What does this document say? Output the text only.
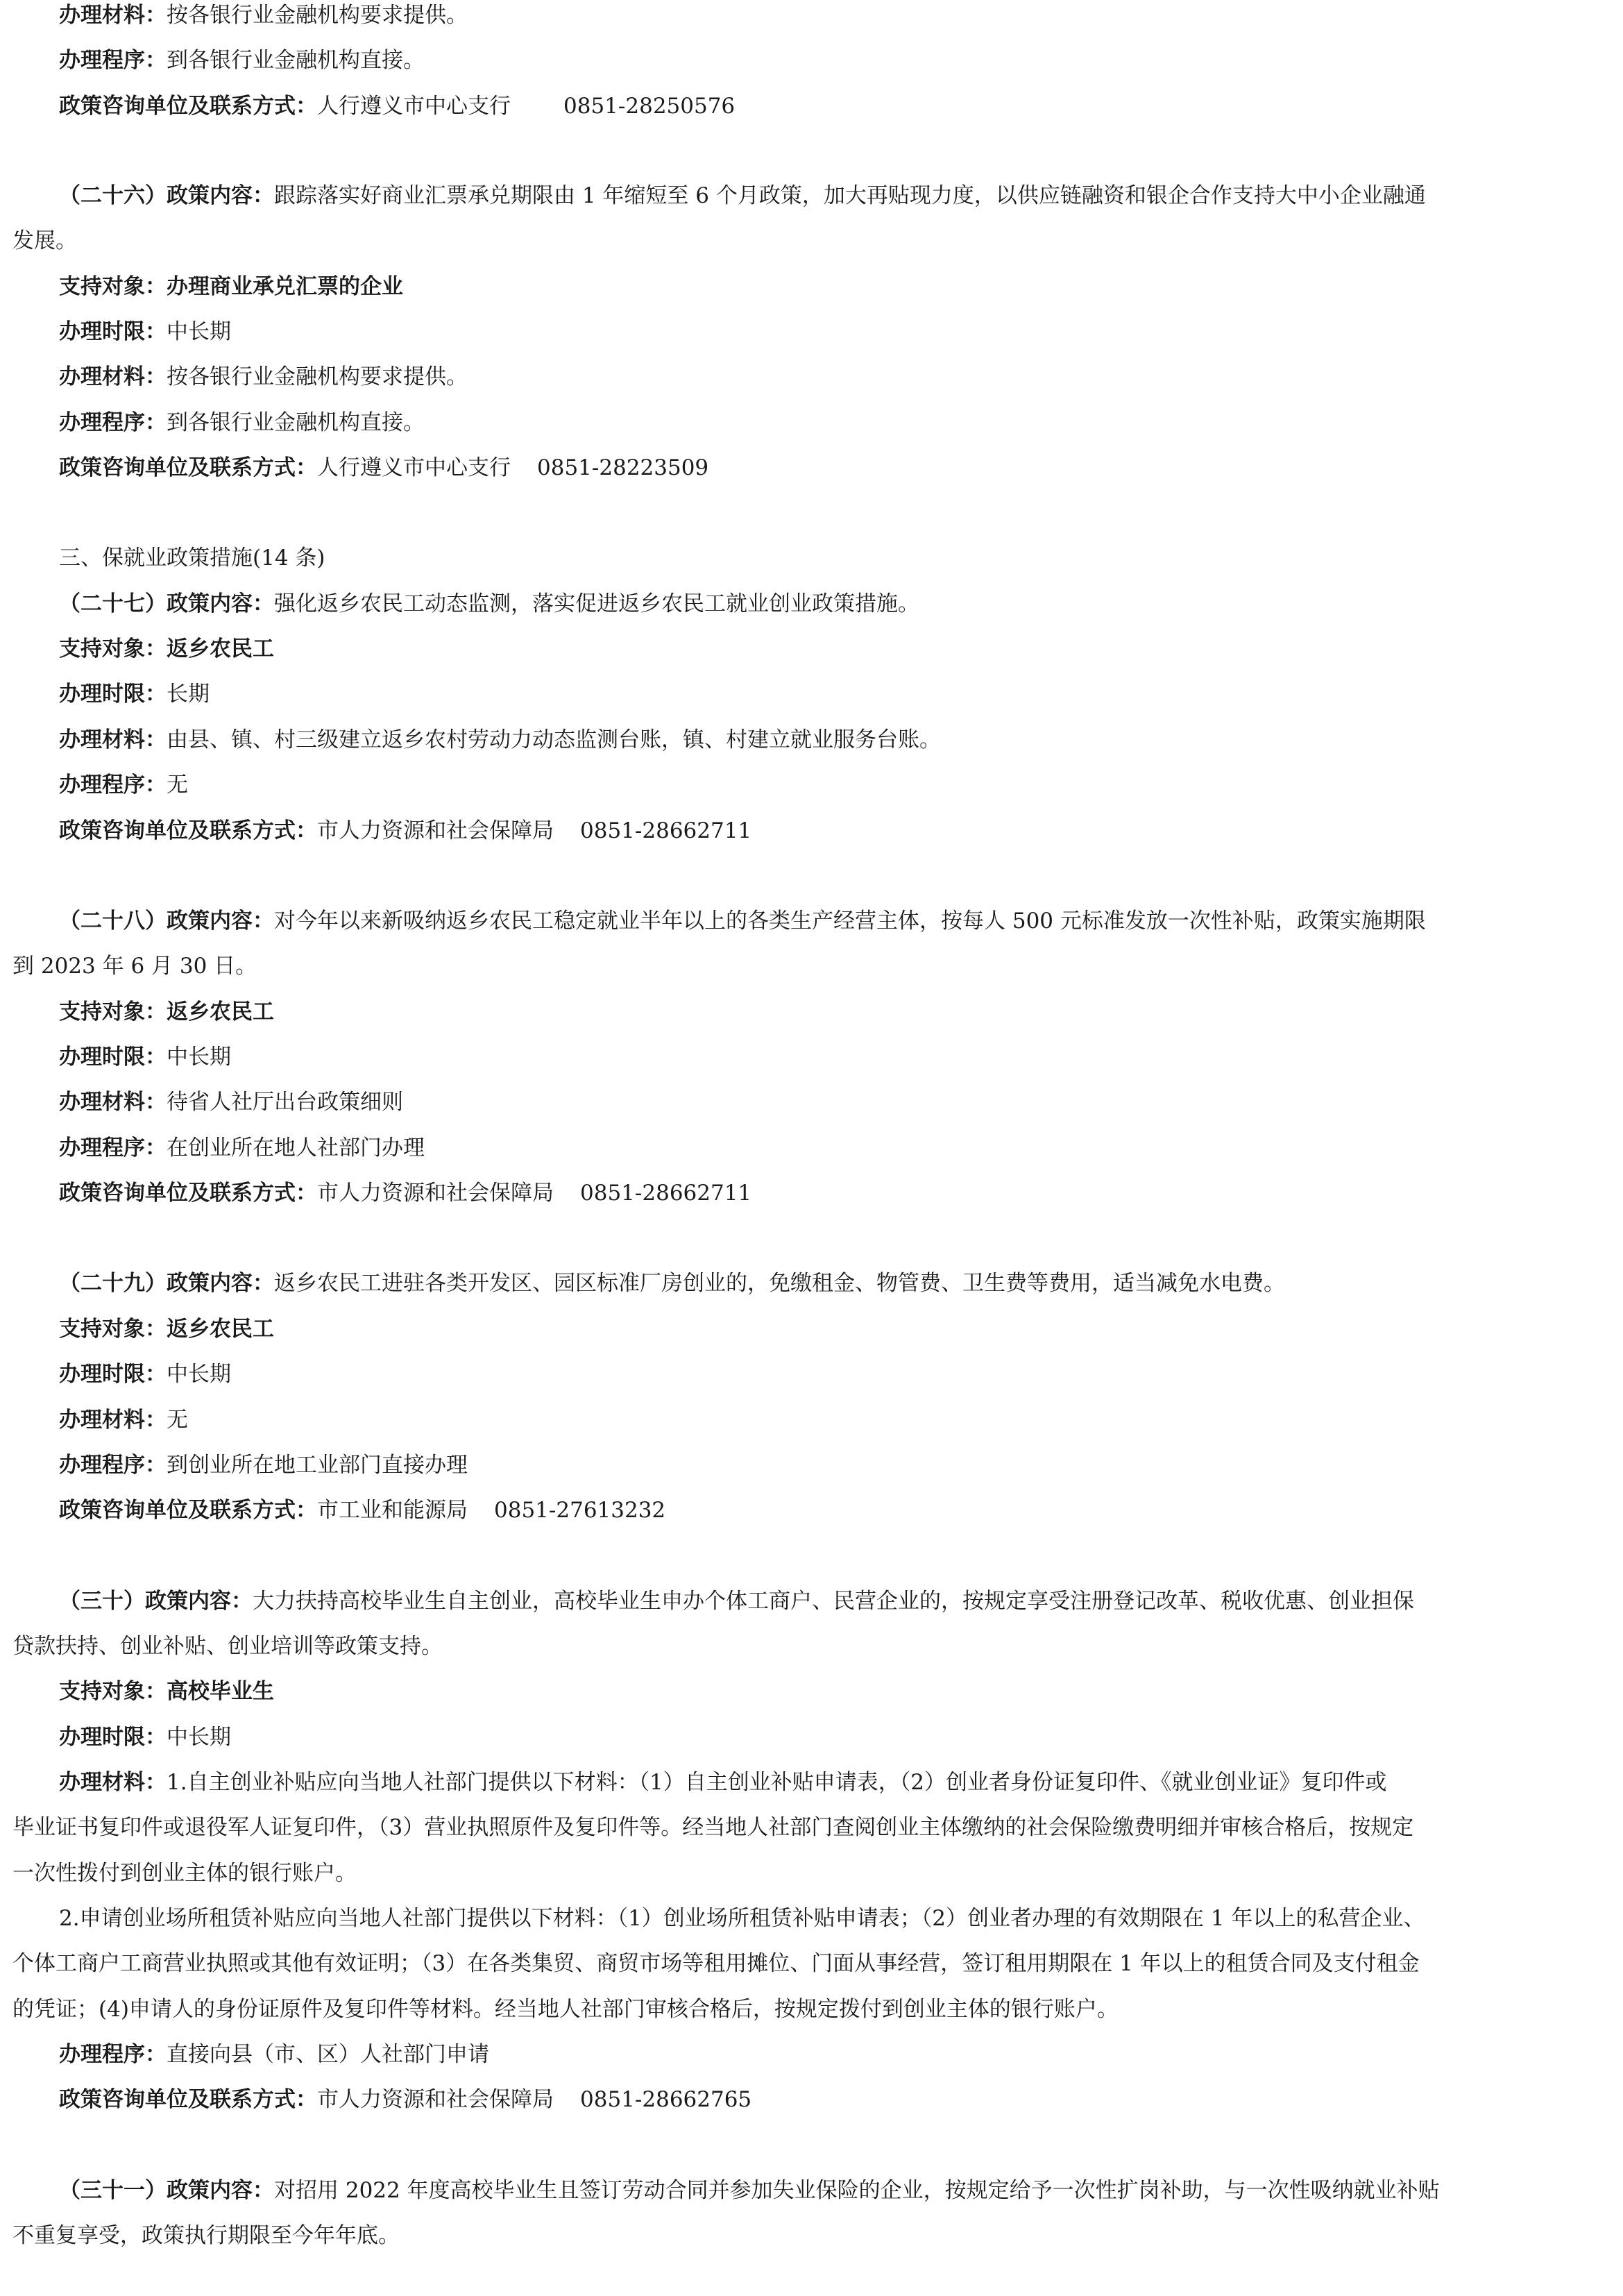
办理材料：按各银行业金融机构要求提供。
办理程序：到各银行业金融机构直接。
政策咨询单位及联系方式：人行遵义市中心支行 0851-28250576
（二十六）政策内容：跟踪落实好商业汇票承兑期限由 1 年缩短至 6 个月政策，加大再贴现力度，以供应链融资和银企合作支持大中小企业融通
发展。
支持对象：办理商业承兑汇票的企业
办理时限：中长期
办理材料：按各银行业金融机构要求提供。
办理程序：到各银行业金融机构直接。
政策咨询单位及联系方式：人行遵义市中心支行 0851-28223509
三、保就业政策措施(14 条)
（二十七）政策内容：强化返乡农民工动态监测，落实促进返乡农民工就业创业政策措施。
支持对象：返乡农民工
办理时限：长期
办理材料：由县、镇、村三级建立返乡农村劳动力动态监测台账，镇、村建立就业服务台账。
办理程序：无
政策咨询单位及联系方式：市人力资源和社会保障局 0851-28662711
（二十八）政策内容：对今年以来新吸纳返乡农民工稳定就业半年以上的各类生产经营主体，按每人 500 元标准发放一次性补贴，政策实施期限
到 2023 年 6 月 30 日。
支持对象：返乡农民工
办理时限：中长期
办理材料：待省人社厅出台政策细则
办理程序：在创业所在地人社部门办理
政策咨询单位及联系方式：市人力资源和社会保障局 0851-28662711
（二十九）政策内容：返乡农民工进驻各类开发区、园区标准厂房创业的，免缴租金、物管费、卫生费等费用，适当减免水电费。
支持对象：返乡农民工
办理时限：中长期
办理材料：无
办理程序：到创业所在地工业部门直接办理
政策咨询单位及联系方式：市工业和能源局 0851-27613232
（三十）政策内容：大力扶持高校毕业生自主创业，高校毕业生申办个体工商户、民营企业的，按规定享受注册登记改革、税收优惠、创业担保
贷款扶持、创业补贴、创业培训等政策支持。
支持对象：高校毕业生
办理时限：中长期
办理材料：1.自主创业补贴应向当地人社部门提供以下材料：（1）自主创业补贴申请表，（2）创业者身份证复印件、《就业创业证》复印件或
毕业证书复印件或退役军人证复印件，（3）营业执照原件及复印件等。经当地人社部门查阅创业主体缴纳的社会保险缴费明细并审核合格后，按规定
一次性拨付到创业主体的银行账户。
2.申请创业场所租赁补贴应向当地人社部门提供以下材料：（1）创业场所租赁补贴申请表；（2）创业者办理的有效期限在 1 年以上的私营企业、
个体工商户工商营业执照或其他有效证明；（3）在各类集贸、商贸市场等租用摊位、门面从事经营，签订租用期限在 1 年以上的租赁合同及支付租金
的凭证；(4)申请人的身份证原件及复印件等材料。经当地人社部门审核合格后，按规定拨付到创业主体的银行账户。
办理程序：直接向县（市、区）人社部门申请
政策咨询单位及联系方式：市人力资源和社会保障局 0851-28662765
（三十一）政策内容：对招用 2022 年度高校毕业生且签订劳动合同并参加失业保险的企业，按规定给予一次性扩岗补助，与一次性吸纳就业补贴
不重复享受，政策执行期限至今年年底。
